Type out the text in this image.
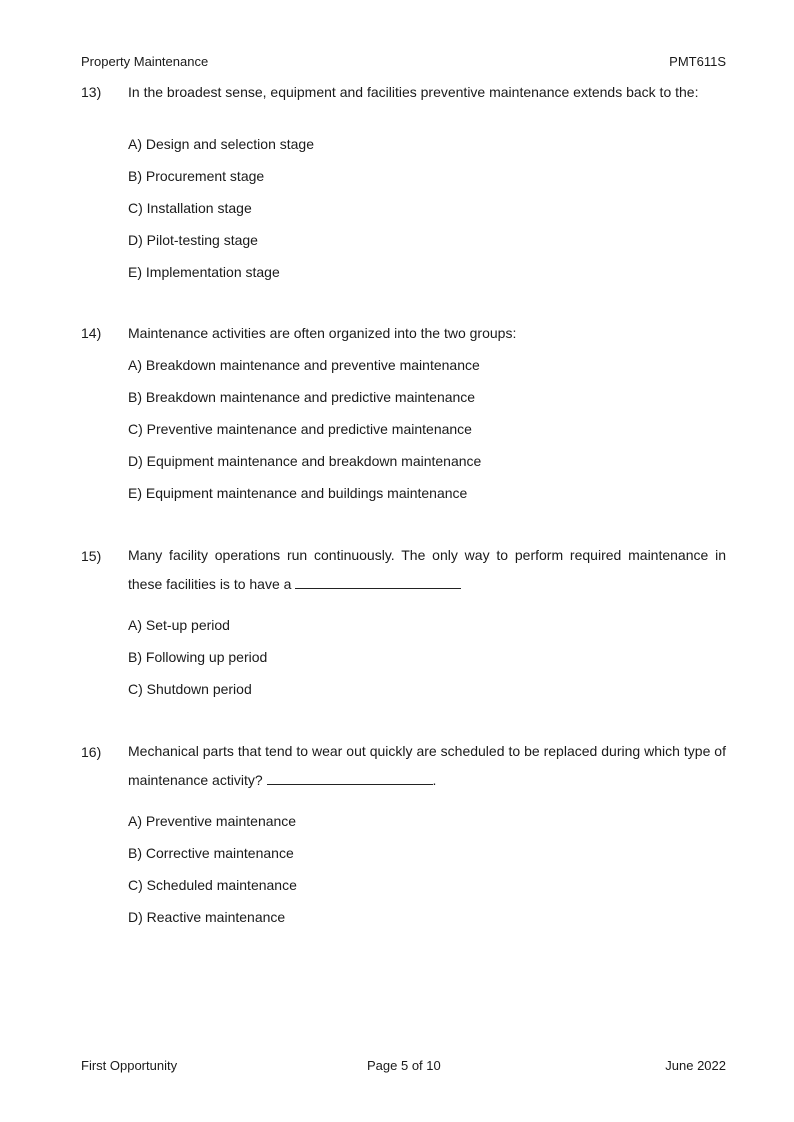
Property Maintenance	PMT611S
13) In the broadest sense, equipment and facilities preventive maintenance extends back to the:
A) Design and selection stage
B) Procurement stage
C) Installation stage
D) Pilot-testing stage
E) Implementation stage
14) Maintenance activities are often organized into the two groups:
A) Breakdown maintenance and preventive maintenance
B) Breakdown maintenance and predictive maintenance
C) Preventive maintenance and predictive maintenance
D) Equipment maintenance and breakdown maintenance
E) Equipment maintenance and buildings maintenance
15) Many facility operations run continuously. The only way to perform required maintenance in these facilities is to have a
A) Set-up period
B) Following up period
C) Shutdown period
16) Mechanical parts that tend to wear out quickly are scheduled to be replaced during which type of maintenance activity?	.
A) Preventive maintenance
B) Corrective maintenance
C) Scheduled maintenance
D) Reactive maintenance
First Opportunity	Page 5 of 10	June 2022
